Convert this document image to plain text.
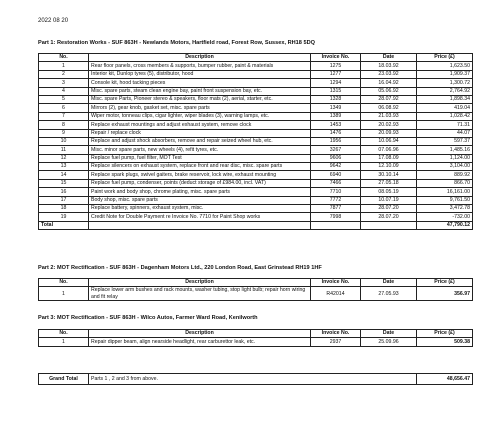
2022 08 20
Part 1: Restoration Works - SUF 863H - Newlands Motors, Hartfield road, Forest Row, Sussex, RH18 5DQ
No.	Description	Invoice No.	Date	Price (£)
1	Rear floor panels, cross members & supports, bumper rubber, paint & materials	1275	18.03.92	1,623.50
2	Interior kit, Dunlop tyres (5), distributor, hood	1277	23.03.92	1,909.37
3	Console kit, hood tacking pieces	1294	16.04.92	1,300.72
4	Misc. spare parts, steam clean engine bay, paint front suspension bay, etc.	1315	05.06.92	2,764.92
5	Misc. spare Parts, Pioneer stereo & speakers, floor mats (2), aerial, starter, etc.	1328	28.07.92	1,898.34
6	Mirrors (2), gear knob, gasket set, misc. spare parts	1349	06.08.92	419.04
7	Wiper motor, tonneau clips, cigar lighter, wiper blades (3), warning lamps, etc.	1389	21.03.93	1,028.42
8	Replace exhaust mountings and adjust exhaust system, remove clock	1453	20.02.93	71.31
9	Repair / replace clock	1476	20.09.93	44.07
10	Replace and adjust shock absorbers, remove and repair seized wheel hub, etc.	1956	10.06.94	597.37
11	Misc. minor spare parts, new wheels (4), refit tyres, etc.	3267	07.06.96	1,485.16
12	Replace fuel pump, fuel filter, MOT Test	9606	17.08.09	1,124.00
13	Replace silencers on exhaust system, replace front and rear disc, misc. spare parts	9642	12.10.09	3,104.00
14	Replace spark plugs, swivel gaiters, brake reservoir, lock wire, exhaust mounting	6940	30.10.14	889.92
15	Replace fuel pump, condenser, points (deduct storage of £984.00, incl. VAT)	7466	27.05.18	866.70
16	Paint work and body shop, chrome plating, misc. spare parts	7710	08.05.19	16,161.00
17	Body shop, misc. spare parts	7772	10.07.19	9,761.50
18	Replace battery, spinners, exhaust system, misc.	7877	28.07.20	3,472.78
19	Credit Note for Double Payment re Invoice No. 7710 for Paint Shop works	7998	28.07.20	-732.00
Total				47,790.12
Part 2: MOT Rectification - SUF 863H - Dagenham Motors Ltd., 220 London Road, East Grinstead RH19 1HF
No.	Description	Invoice No.	Date	Price (£)
1	Replace lower arm bushes and rack mounts, washer tubing, stop light bulb; repair horn wiring and fit relay	R42014	27.05.93	356.97
Part 3: MOT Rectification - SUF 863H - Wilco Autos, Farmer Ward Road, Kenilworth
No.	Description	Invoice No.	Date	Price (£)
1	Repair dipper beam, align nearside headlight, rear carburettor leak, etc.	2937	25.09.96	509.38
Grand Total	Parts 1 , 2 and 3 from above.	48,656.47
